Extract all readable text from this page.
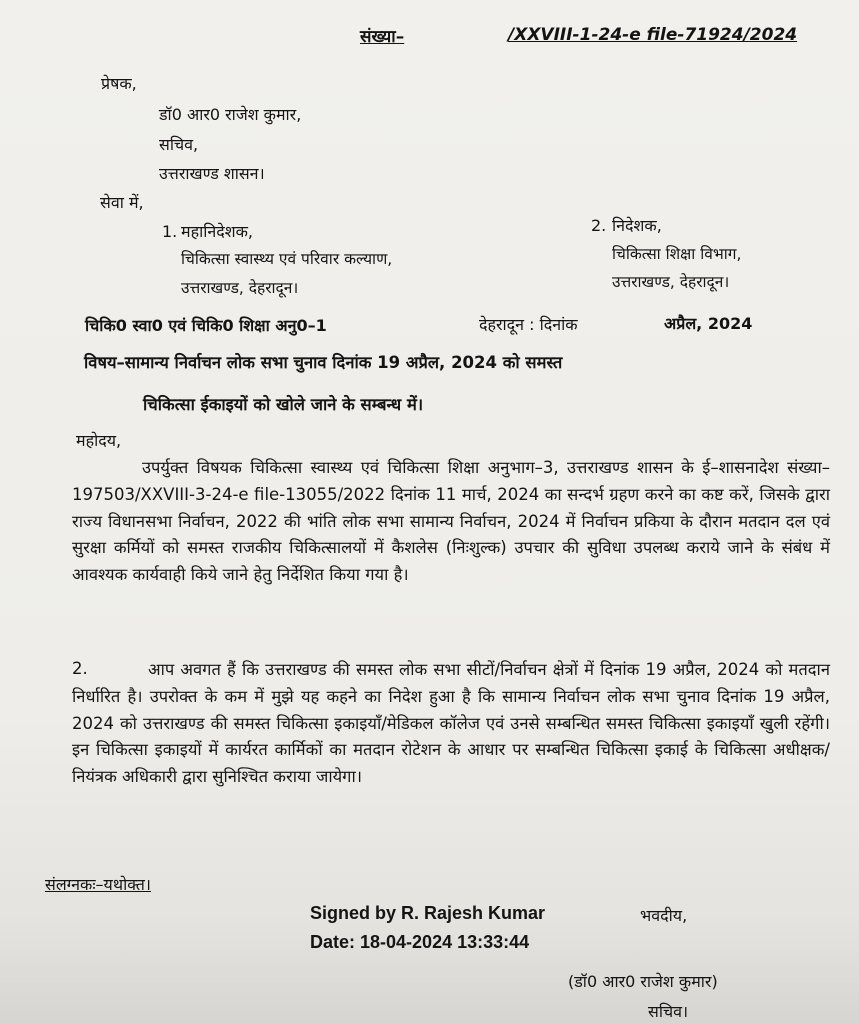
संख्या–	/XXVIII-1-24-e file-71924/2024
प्रेषक,
डॉ0 आर0 राजेश कुमार,
सचिव,
उत्तराखण्ड शासन।
सेवा में,
1. महानिदेशक,
चिकित्सा स्वास्थ्य एवं परिवार कल्याण,
उत्तराखण्ड, देहरादून।
2. निदेशक,
चिकित्सा शिक्षा विभाग,
उत्तराखण्ड, देहरादून।
चिकि0 स्वा0 एवं चिकि0 शिक्षा अनु0–1	देहरादून : दिनांक	अप्रैल, 2024
विषय–सामान्य निर्वाचन लोक सभा चुनाव दिनांक 19 अप्रैल, 2024 को समस्त
चिकित्सा ईकाइयों को खोले जाने के सम्बन्ध में।
महोदय,
उपर्युक्त विषयक चिकित्सा स्वास्थ्य एवं चिकित्सा शिक्षा अनुभाग–3, उत्तराखण्ड शासन के ई–शासनादेश संख्या–197503/XXVIII-3-24-e file-13055/2022 दिनांक 11 मार्च, 2024 का सन्दर्भ ग्रहण करने का कष्ट करें, जिसके द्वारा राज्य विधानसभा निर्वाचन, 2022 की भांति लोक सभा सामान्य निर्वाचन, 2024 में निर्वाचन प्रकिया के दौरान मतदान दल एवं सुरक्षा कर्मियों को समस्त राजकीय चिकित्सालयों में कैशलेस (निःशुल्क) उपचार की सुविधा उपलब्ध कराये जाने के संबंध में आवश्यक कार्यवाही किये जाने हेतु निर्देशित किया गया है।
2.	आप अवगत हैं कि उत्तराखण्ड की समस्त लोक सभा सीटों/निर्वाचन क्षेत्रों में दिनांक 19 अप्रैल, 2024 को मतदान निर्धारित है। उपरोक्त के कम में मुझे यह कहने का निदेश हुआ है कि सामान्य निर्वाचन लोक सभा चुनाव दिनांक 19 अप्रैल, 2024 को उत्तराखण्ड की समस्त चिकित्सा इकाइयॉं/मेडिकल कॉलेज एवं उनसे सम्बन्धित समस्त चिकित्सा इकाइयॉं खुली रहेंगी। इन चिकित्सा इकाइयों में कार्यरत कार्मिकों का मतदान रोटेशन के आधार पर सम्बन्धित चिकित्सा इकाई के चिकित्सा अधीक्षक/ नियंत्रक अधिकारी द्वारा सुनिश्चित कराया जायेगा।
संलग्नकः–यथोक्त।
Signed by R. Rajesh Kumar
Date: 18-04-2024 13:33:44
भवदीय,
(डॉ0 आर0 राजेश कुमार)
सचिव।
